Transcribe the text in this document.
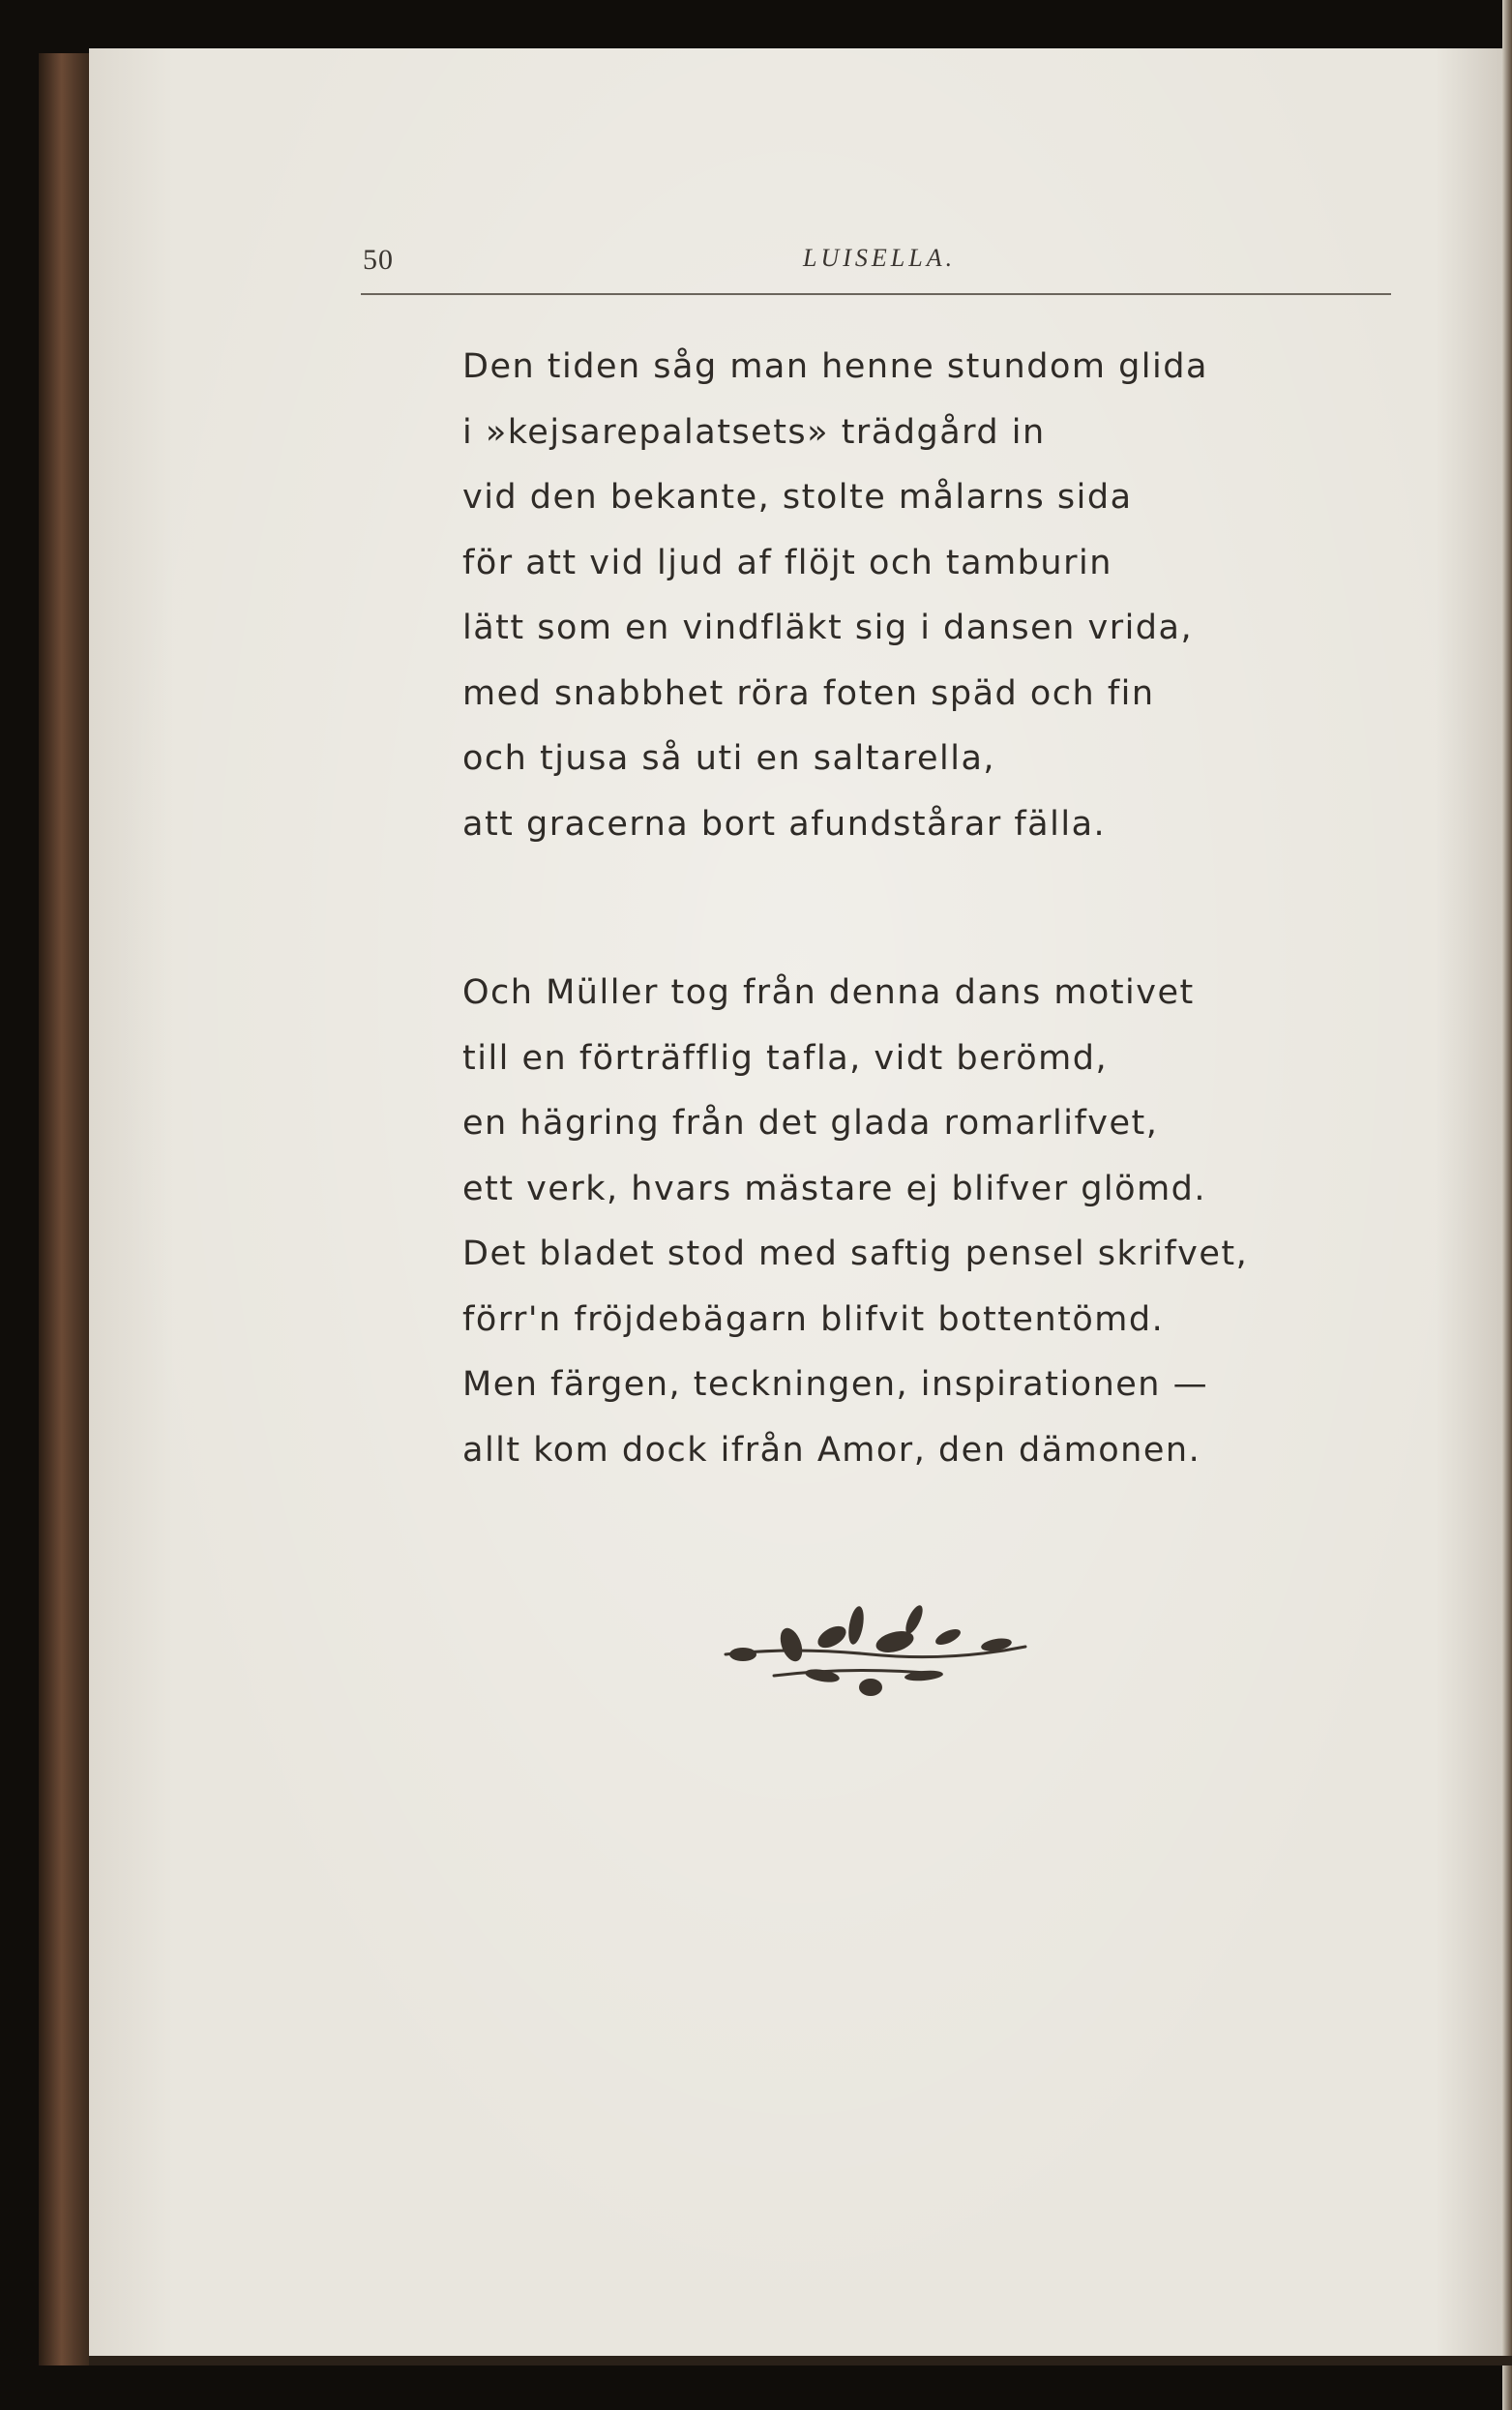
50	LUISELLA.
Den tiden såg man henne stundom glida
i »kejsarepalatsets» trädgård in
vid den bekante, stolte målarns sida
för att vid ljud af flöjt och tamburin
lätt som en vindfläkt sig i dansen vrida,
med snabbhet röra foten späd och fin
och tjusa så uti en saltarella,
att gracerna bort afundstårar fälla.
Och Müller tog från denna dans motivet
till en förträfflig tafla, vidt berömd,
en hägring från det glada romarlifvet,
ett verk, hvars mästare ej blifver glömd.
Det bladet stod med saftig pensel skrifvet,
förr'n fröjdebägarn blifvit bottentömd.
Men färgen, teckningen, inspirationen —
allt kom dock ifrån Amor, den dämonen.
